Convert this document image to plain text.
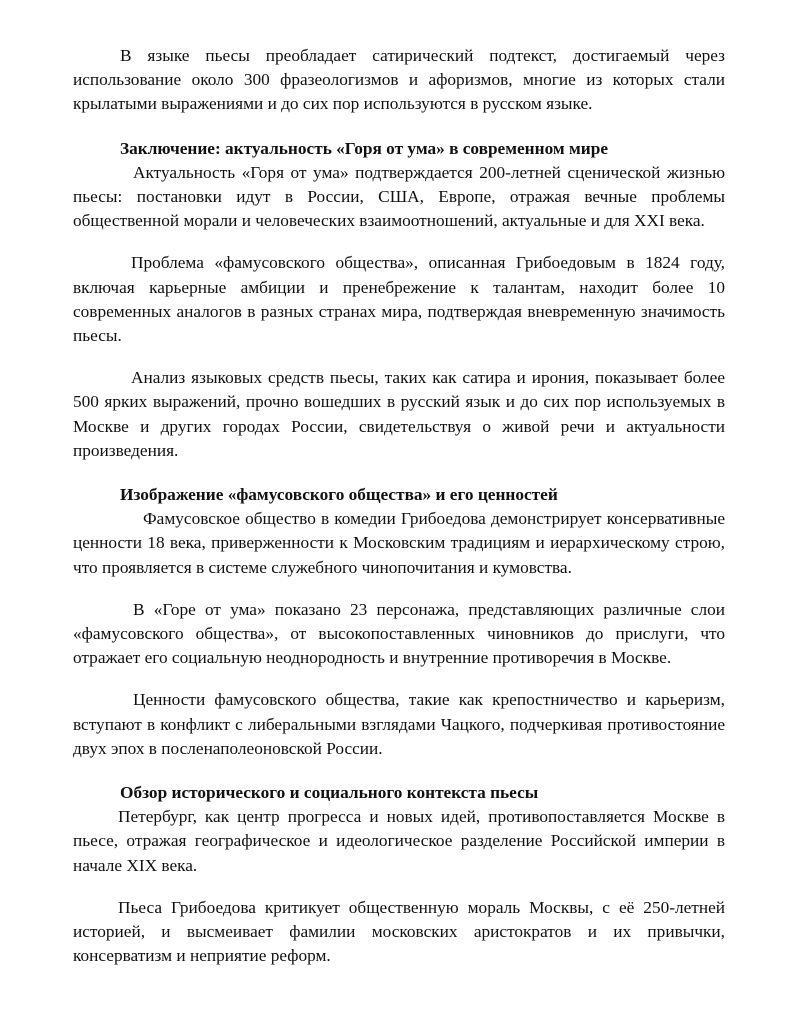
В языке пьесы преобладает сатирический подтекст, достигаемый через использование около 300 фразеологизмов и афоризмов, многие из которых стали крылатыми выражениями и до сих пор используются в русском языке.

Заключение: актуальность «Горя от ума» в современном мире

Актуальность «Горя от ума» подтверждается 200-летней сценической жизнью пьесы: постановки идут в России, США, Европе, отражая вечные проблемы общественной морали и человеческих взаимоотношений, актуальные и для XXI века.

Проблема «фамусовского общества», описанная Грибоедовым в 1824 году, включая карьерные амбиции и пренебрежение к талантам, находит более 10 современных аналогов в разных странах мира, подтверждая вневременную значимость пьесы.

Анализ языковых средств пьесы, таких как сатира и ирония, показывает более 500 ярких выражений, прочно вошедших в русский язык и до сих пор используемых в Москве и других городах России, свидетельствуя о живой речи и актуальности произведения.

Изображение «фамусовского общества» и его ценностей

Фамусовское общество в комедии Грибоедова демонстрирует консервативные ценности 18 века, приверженности к Московским традициям и иерархическому строю, что проявляется в системе служебного чинопочитания и кумовства.

В «Горе от ума» показано 23 персонажа, представляющих различные слои «фамусовского общества», от высокопоставленных чиновников до прислуги, что отражает его социальную неоднородность и внутренние противоречия в Москве.

Ценности фамусовского общества, такие как крепостничество и карьеризм, вступают в конфликт с либеральными взглядами Чацкого, подчеркивая противостояние двух эпох в посленаполеоновской России.

Обзор исторического и социального контекста пьесы

Петербург, как центр прогресса и новых идей, противопоставляется Москве в пьесе, отражая географическое и идеологическое разделение Российской империи в начале XIX века.

Пьеса Грибоедова критикует общественную мораль Москвы, с её 250-летней историей, и высмеивает фамилии московских аристократов и их привычки, консерватизм и неприятие реформ.
